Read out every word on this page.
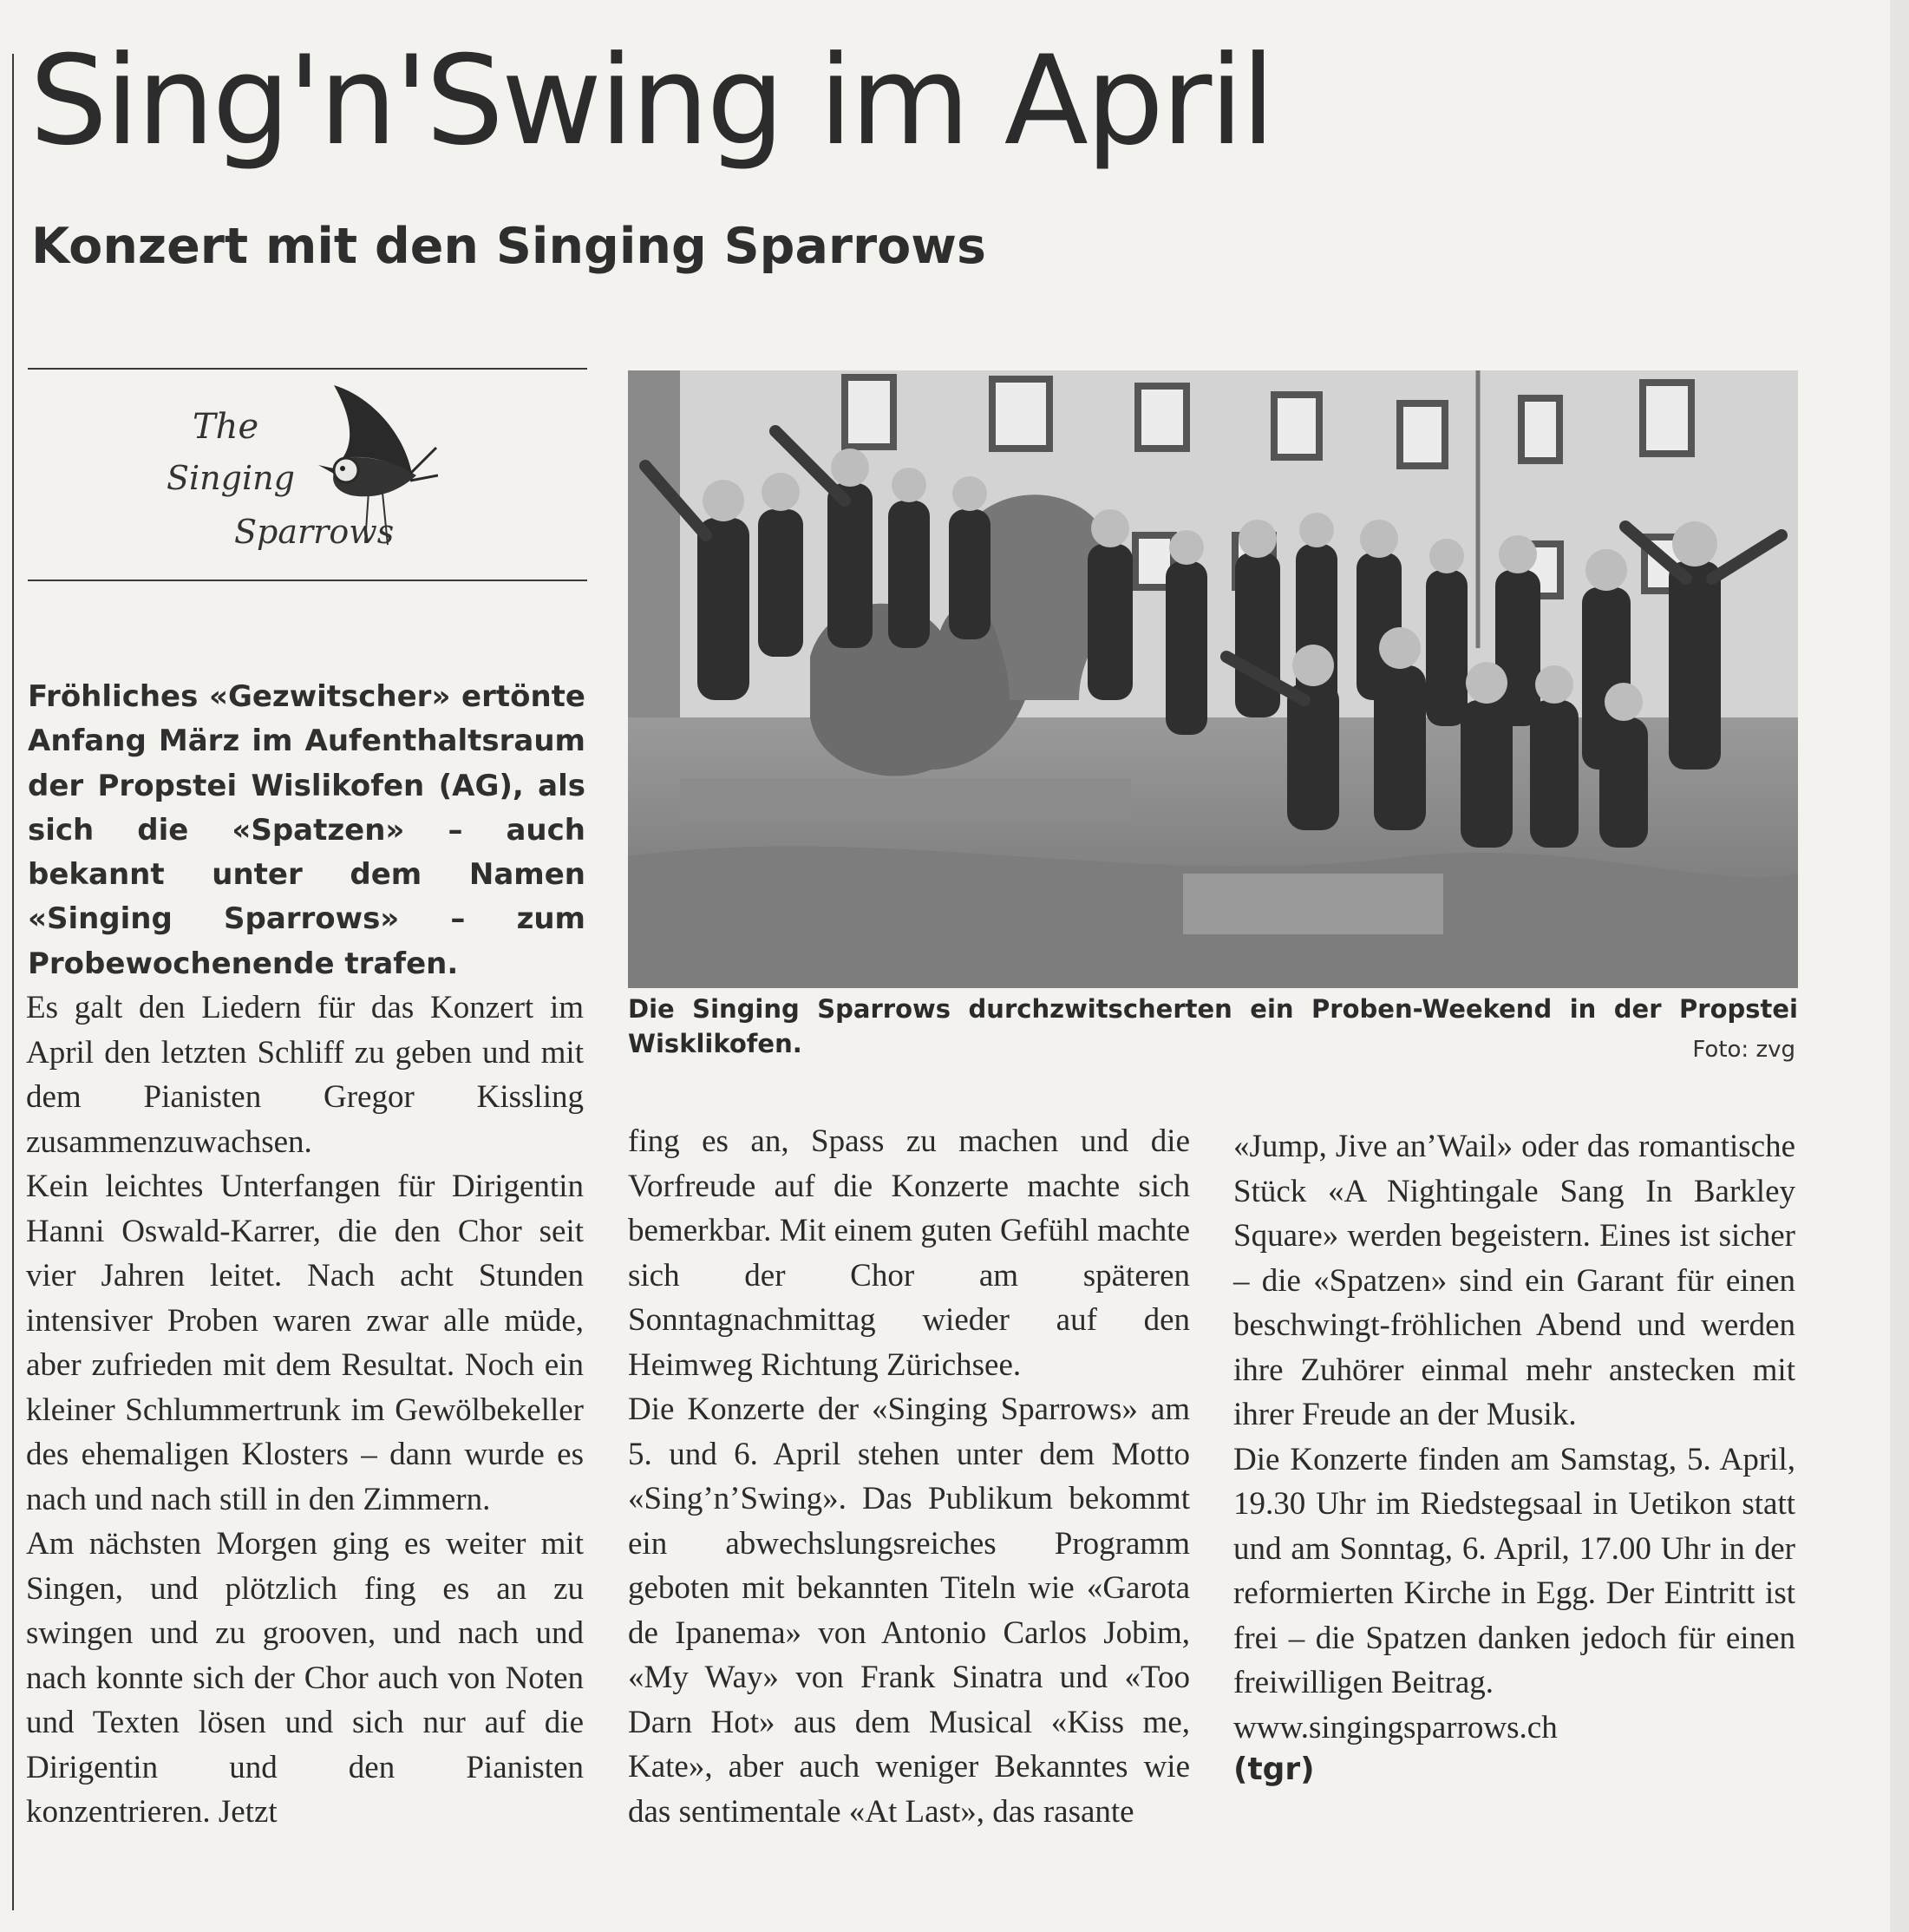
Sing'n'Swing im April
Konzert mit den Singing Sparrows
The
Singing
Sparrows

Fröhliches «Gezwitscher» ertönte Anfang März im Aufenthaltsraum der Propstei Wislikofen (AG), als sich die «Spatzen» – auch bekannt unter dem Namen «Singing Sparrows» – zum Probewochenende trafen.

Es galt den Liedern für das Konzert im April den letzten Schliff zu geben und mit dem Pianisten Gregor Kissling zusammenzuwachsen.

Kein leichtes Unterfangen für Dirigentin Hanni Oswald-Karrer, die den Chor seit vier Jahren leitet. Nach acht Stunden intensiver Proben waren zwar alle müde, aber zufrieden mit dem Resultat. Noch ein kleiner Schlummertrunk im Gewölbekeller des ehemaligen Klosters – dann wurde es nach und nach still in den Zimmern.

Am nächsten Morgen ging es weiter mit Singen, und plötzlich fing es an zu swingen und zu grooven, und nach und nach konnte sich der Chor auch von Noten und Texten lösen und sich nur auf die Dirigentin und den Pianisten konzentrieren. Jetzt

Die Singing Sparrows durchzwitscherten ein Proben-Weekend in der Propstei Wisklikofen.	Foto: zvg

fing es an, Spass zu machen und die Vorfreude auf die Konzerte machte sich bemerkbar. Mit einem guten Gefühl machte sich der Chor am späteren Sonntagnachmittag wieder auf den Heimweg Richtung Zürichsee.

Die Konzerte der «Singing Sparrows» am 5. und 6. April stehen unter dem Motto «Sing’n’Swing». Das Publikum bekommt ein abwechslungsreiches Programm geboten mit bekannten Titeln wie «Garota de Ipanema» von Antonio Carlos Jobim, «My Way» von Frank Sinatra und «Too Darn Hot» aus dem Musical «Kiss me, Kate», aber auch weniger Bekanntes wie das sentimentale «At Last», das rasante

«Jump, Jive an’Wail» oder das romantische Stück «A Nightingale Sang In Barkley Square» werden begeistern. Eines ist sicher – die «Spatzen» sind ein Garant für einen beschwingt-fröhlichen Abend und werden ihre Zuhörer einmal mehr anstecken mit ihrer Freude an der Musik.

Die Konzerte finden am Samstag, 5. April, 19.30 Uhr im Riedstegsaal in Uetikon statt und am Sonntag, 6. April, 17.00 Uhr in der reformierten Kirche in Egg. Der Eintritt ist frei – die Spatzen danken jedoch für einen freiwilligen Beitrag.

www.singingsparrows.ch

(tgr)
